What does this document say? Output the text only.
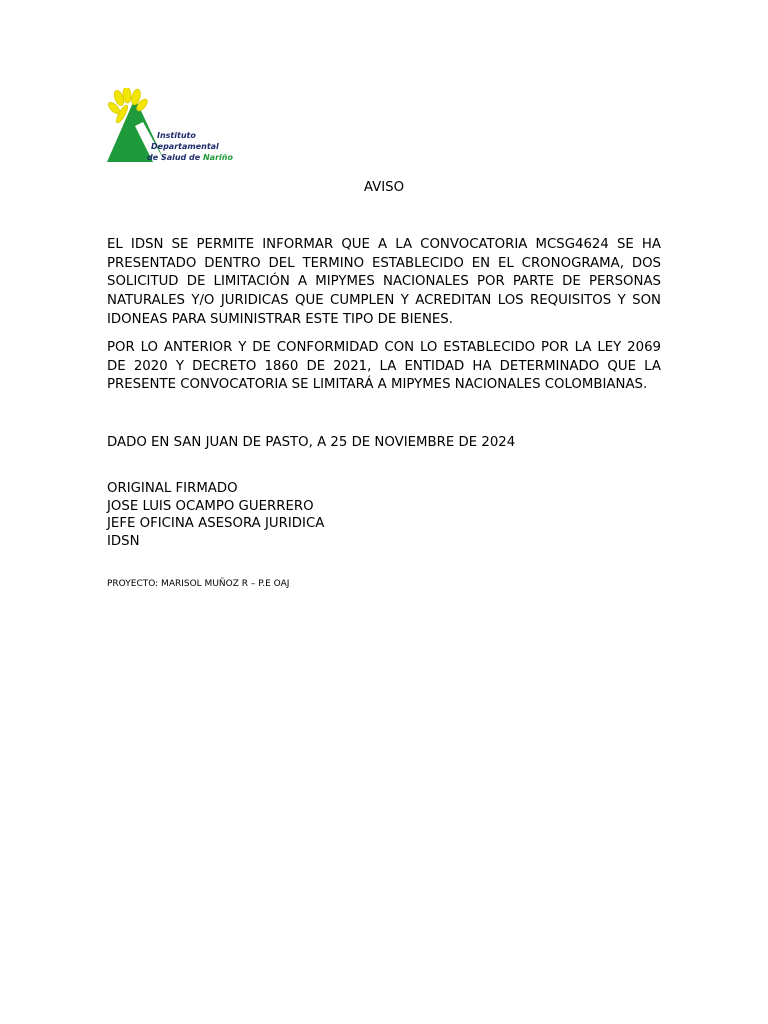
Instituto
Departamental
de Salud de Nariño
AVISO

EL IDSN SE PERMITE INFORMAR QUE A LA CONVOCATORIA MCSG4624 SE HA PRESENTADO DENTRO DEL TERMINO ESTABLECIDO EN EL CRONOGRAMA, DOS SOLICITUD DE LIMITACIÓN A MIPYMES NACIONALES POR PARTE DE PERSONAS NATURALES Y/O JURIDICAS QUE CUMPLEN Y ACREDITAN LOS REQUISITOS Y SON IDONEAS PARA SUMINISTRAR ESTE TIPO DE BIENES.

POR LO ANTERIOR Y DE CONFORMIDAD CON LO ESTABLECIDO POR LA LEY 2069 DE 2020 Y DECRETO 1860 DE 2021, LA ENTIDAD HA DETERMINADO QUE LA PRESENTE CONVOCATORIA SE LIMITARÁ A MIPYMES NACIONALES COLOMBIANAS.

DADO EN SAN JUAN DE PASTO, A 25 DE NOVIEMBRE DE 2024
ORIGINAL FIRMADO
JOSE LUIS OCAMPO GUERRERO
JEFE OFICINA ASESORA JURIDICA
IDSN
PROYECTO: MARISOL MUÑOZ R – P.E OAJ
